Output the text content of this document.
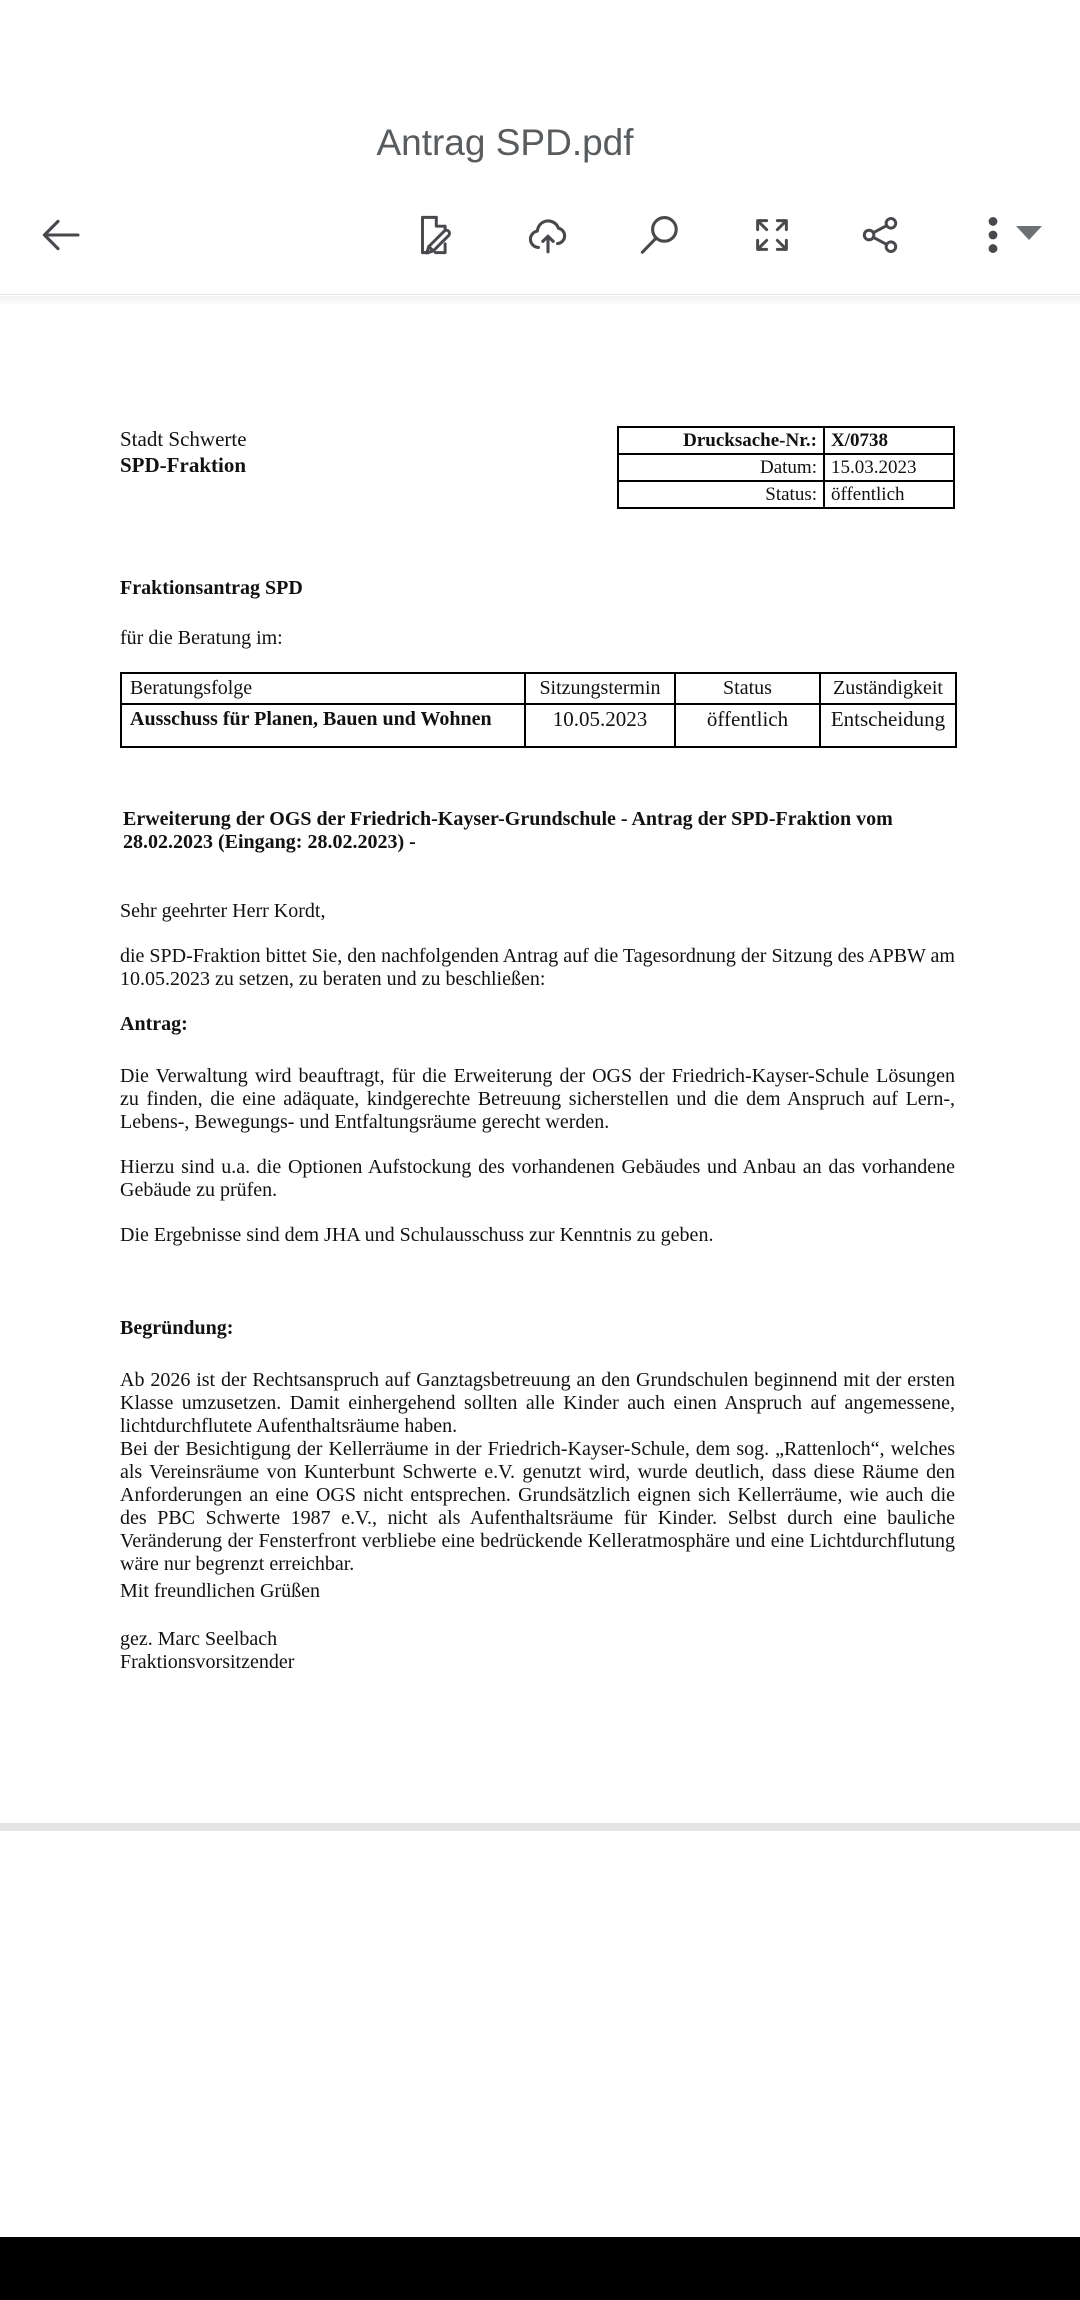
Antrag SPD.pdf
Stadt Schwerte
SPD-Fraktion
Drucksache-Nr.:	X/0738
Datum:	15.03.2023
Status:	öffentlich
Fraktionsantrag SPD
für die Beratung im:
Beratungsfolge	Sitzungstermin	Status	Zuständigkeit
Ausschuss für Planen, Bauen und Wohnen	10.05.2023	öffentlich	Entscheidung
Erweiterung der OGS der Friedrich-Kayser-Grundschule - Antrag der SPD-Fraktion vom 28.02.2023 (Eingang: 28.02.2023) -
Sehr geehrter Herr Kordt,
die SPD-Fraktion bittet Sie, den nachfolgenden Antrag auf die Tagesordnung der Sitzung des APBW am 10.05.2023 zu setzen, zu beraten und zu beschließen:
Antrag:
Die Verwaltung wird beauftragt, für die Erweiterung der OGS der Friedrich-Kayser-Schule Lösungen zu finden, die eine adäquate, kindgerechte Betreuung sicherstellen und die dem Anspruch auf Lern-, Lebens-, Bewegungs- und Entfaltungsräume gerecht werden.
Hierzu sind u.a. die Optionen Aufstockung des vorhandenen Gebäudes und Anbau an das vorhandene Gebäude zu prüfen.
Die Ergebnisse sind dem JHA und Schulausschuss zur Kenntnis zu geben.
Begründung:
Ab 2026 ist der Rechtsanspruch auf Ganztagsbetreuung an den Grundschulen beginnend mit der ersten Klasse umzusetzen. Damit einhergehend sollten alle Kinder auch einen Anspruch auf angemessene, lichtdurchflutete Aufenthaltsräume haben.
Bei der Besichtigung der Kellerräume in der Friedrich-Kayser-Schule, dem sog. „Rattenloch“, welches als Vereinsräume von Kunterbunt Schwerte e.V. genutzt wird, wurde deutlich, dass diese Räume den Anforderungen an eine OGS nicht entsprechen. Grundsätzlich eignen sich Kellerräume, wie auch die des PBC Schwerte 1987 e.V., nicht als Aufenthaltsräume für Kinder. Selbst durch eine bauliche Veränderung der Fensterfront verbliebe eine bedrückende Kelleratmosphäre und eine Lichtdurchflutung wäre nur begrenzt erreichbar.
Mit freundlichen Grüßen
gez. Marc Seelbach
Fraktionsvorsitzender
